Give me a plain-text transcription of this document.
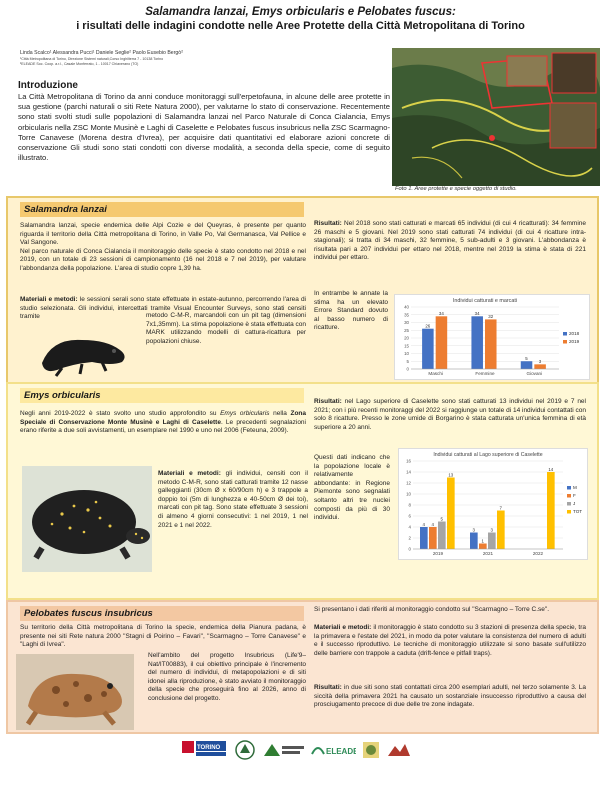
Salamandra lanzai, Emys orbicularis e Pelobates fuscus:
i risultati delle indagini condotte nelle Aree Protette della Città Metropolitana di Torino
Linda Scalco¹ Alessandra Pucci¹ Daniele Seglie² Paolo Eusebio Bergò²
¹Città Metropolitana di Torino, Direzione Sistemi naturali,Corso Inghilterra 7 - 10138 Torino
²ELEADE Soc. Coop. a.r.l., Casale Monferrato, 1 - 10017 Chiaverano (TO)
Introduzione
La Città Metropolitana di Torino da anni conduce monitoraggi sull'erpetofauna, in alcune delle aree protette in sua gestione (parchi naturali o siti Rete Natura 2000), per valutarne lo stato di conservazione. Recentemente sono stati svolti studi sulle popolazioni di Salamandra lanzai nel Parco Naturale di Conca Cialancia, Emys orbicularis nella ZSC Monte Musinè e Laghi di Caselette e Pelobates fuscus insubricus nella ZSC Scarmagno-Torre Canavese (Morena destra d'Ivrea), per acquisire dati quantitativi ed elaborare azioni concrete di conservazione Gli studi sono stati condotti con diverse modalità, a seconda della specie, come di seguito illustrato.
Foto 1. Aree protette e specie oggetto di studio.
Salamandra lanzai
Salamandra lanzai, specie endemica delle Alpi Cozie e del Queyras, è presente per quanto riguarda il territorio della Città metropolitana di Torino, in Valle Po, Val Germanasca, Val Pellice e Val Sangone.
Nel parco naturale di Conca Cialancia il monitoraggio delle specie è stato condotto nel 2018 e nel 2019, con un totale di 23 sessioni di campionamento (16 nel 2018 e 7 nel 2019), per valutare l'abbondanza della popolazione. L'area di studio copre 1,39 ha.
Materiali e metodi: le sessioni serali sono state effettuate in estate-autunno, percorrendo l'area di studio selezionata. Gli individui, intercettati tramite Visual Encounter Surveys, sono stati censiti tramite	metodo C-M-R, marcandoli con un pit tag (dimensioni 7x1,35mm). La stima popolazione è stata effettuata con MARK utilizzando modelli di cattura-ricattura per popolazioni chiuse.
Risultati: Nel 2018 sono stati catturati e marcati 65 individui (di cui 4 ricatturati): 34 femmine 26 maschi e 5 giovani. Nel 2019 sono stati catturati 74 individui (di cui 4 ricatture intra-stagionali); si tratta di 34 maschi, 32 femmine, 5 sub-adulti e 3 giovani. L'abbondanza è risultata pari a 207 individui per ettaro nel 2018, mentre nel 2019 la stima è stata di 221 individui per ettaro.
In entrambe le annate la stima ha un elevato Errore Standard dovuto al basso numero di ricatture.
Individui catturati e marcati
0
5
10
15
20
25
30
35
40
26
34
Maschi
34
32
Femmine
5
3
Giovani
2018
2019
Emys orbicularis
Negli anni 2019-2022 è stato svolto uno studio approfondito su Emys orbicularis nella Zona Speciale di Conservazione Monte Musinè e Laghi di Caselette. Le precedenti segnalazioni erano riferite a due soli avvistamenti, un esemplare nel 1990 e uno nel 2006 (Feteuna, 2009).
Materiali e metodi: gli individui, censiti con il metodo C-M-R, sono stati catturati tramite 12 nasse galleggianti (30cm Ø x 60/90cm h) e 3 trappole a doppio toi (5m di lunghezza e 40-50cm Ø dei toi), marcati con pit tag. Sono state effettuate 3 sessioni di almeno 4 giorni consecutivi: 1 nel 2019, 1 nel 2021 e 1 nel 2022.
Risultati: nel Lago superiore di Caselette sono stati catturati 13 individui nel 2019 e 7 nel 2021; con i più recenti monitoraggi del 2022 si raggiunge un totale di 14 individui contattati con solo 8 ricatture. Presso le zone umide di Borgarino è stata catturata un'unica femmina di età superiore a 20 anni.
Questi dati indicano che la popolazione locale è relativamente abbondante: in Regione Piemonte sono segnalati soltanto altri tre nuclei composti da più di 30 individui.
Individui catturati al Lago superiore di Caselette
0
2
4
6
8
10
12
14
16
4 4
5
13
2019
3
1
3
7
2021
14
2022
M
F
J
TOT
Pelobates fuscus insubricus
Su territorio della Città metropolitana di Torino la specie, endemica della Pianura padana, è presente nei siti Rete natura 2000 "Stagni di Poirino – Favari", "Scarmagno – Torre Canavese" e "Laghi di Ivrea".
Nell'ambito del progetto Insubricus (Life'9–Nat/IT00883), il cui obiettivo principale è l'incremento del numero di individui, di metapopolazioni e di siti idonei alla riproduzione, è stato avviato il monitoraggio della specie che proseguirà fino al 2026, anno di conclusione del progetto.
Si presentano i dati riferiti al monitoraggio condotto sul "Scarmagno – Torre C.se".
Materiali e metodi: il monitoraggio è stato condotto su 3 stazioni di presenza della specie, tra la primavera e l'estate del 2021, in modo da poter valutare la consistenza del numero di adulti e il successo riproduttivo. Le tecniche di monitoraggio utilizzate si sono basate sull'utilizzo delle barriere con trappole a caduta (drift-fence e pitfall traps).
Risultati: in due siti sono stati contattati circa 200 esemplari adulti, nel terzo solamente 3. La siccità della primavera 2021 ha causato un sostanziale insuccesso riproduttivo a causa del prosciugamento precoce di due delle tre zone indagate.
TORINO	ELEADE
